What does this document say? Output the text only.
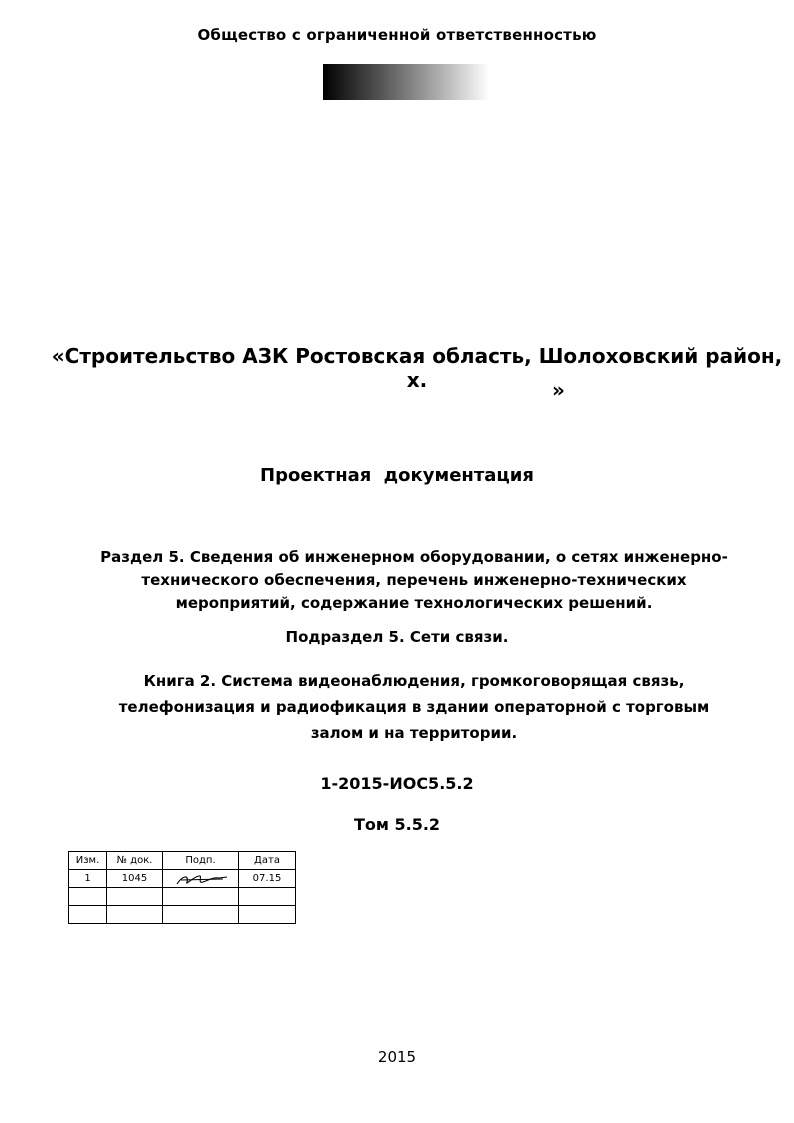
Общество с ограниченной ответственностью
«Строительство АЗК Ростовская область, Шолоховский район, х.	»
Проектная документация
Раздел 5. Сведения об инженерном оборудовании, о сетях инженерно-технического обеспечения, перечень инженерно-технических мероприятий, содержание технологических решений.
Подраздел 5. Сети связи.
Книга 2. Система видеонаблюдения, громкоговорящая связь, телефонизация и радиофикация в здании операторной с торговым залом и на территории.
1-2015-ИОС5.5.2
Том 5.5.2
Изм.	№ док.	Подп.	Дата
1	1045		07.15

2015
